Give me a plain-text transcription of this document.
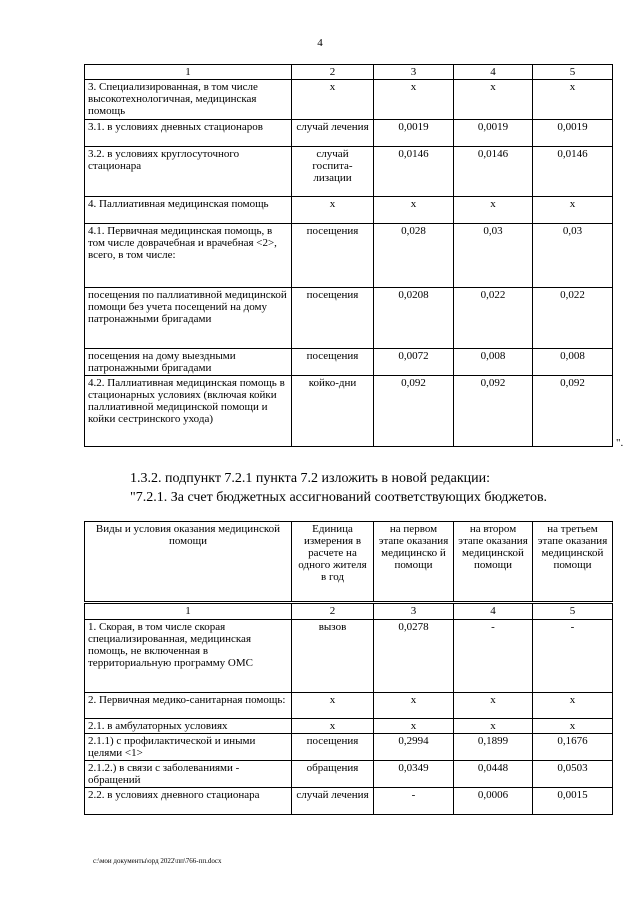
4
1	2	3	4	5
3. Специализированная, в том числе высокотехнологичная, медицинская помощь	х	х	х	х
3.1. в условиях дневных стационаров	случай лечения	0,0019	0,0019	0,0019
3.2. в условиях круглосуточного стационара	случай госпита-лизации	0,0146	0,0146	0,0146
4. Паллиативная медицинская помощь	х	х	х	х
4.1. Первичная медицинская помощь, в том числе доврачебная и врачебная <2>, всего, в том числе:	посещения	0,028	0,03	0,03
посещения по паллиативной медицинской помощи без учета посещений на дому патронажными бригадами	посещения	0,0208	0,022	0,022
посещения на дому выездными патронажными бригадами	посещения	0,0072	0,008	0,008
4.2. Паллиативная медицинская помощь в стационарных условиях (включая койки паллиативной медицинской помощи и койки сестринского ухода)	койко-дни	0,092	0,092	0,092
".
1.3.2. подпункт 7.2.1 пункта 7.2 изложить в новой редакции:
"7.2.1. За счет бюджетных ассигнований соответствующих бюджетов.
Виды и условия оказания медицинской помощи	Единица измерения в расчете на одного жителя в год	на первом этапе оказания медицинско й помощи	на втором этапе оказания медицинской помощи	на третьем этапе оказания медицинской помощи
1	2	3	4	5
1. Скорая, в том числе скорая специализированная, медицинская помощь, не включенная в территориальную программу ОМС	вызов	0,0278	-	-
2. Первичная медико-санитарная помощь:	х	х	х	х
2.1. в амбулаторных условиях	х	х	х	х
2.1.1) с профилактической и иными целями <1>	посещения	0,2994	0,1899	0,1676
2.1.2.) в связи с заболеваниями - обращений	обращения	0,0349	0,0448	0,0503
2.2. в условиях дневного стационара	случай лечения	-	0,0006	0,0015
c:\мои документы\орд 2022\пп\766-пп.docx
